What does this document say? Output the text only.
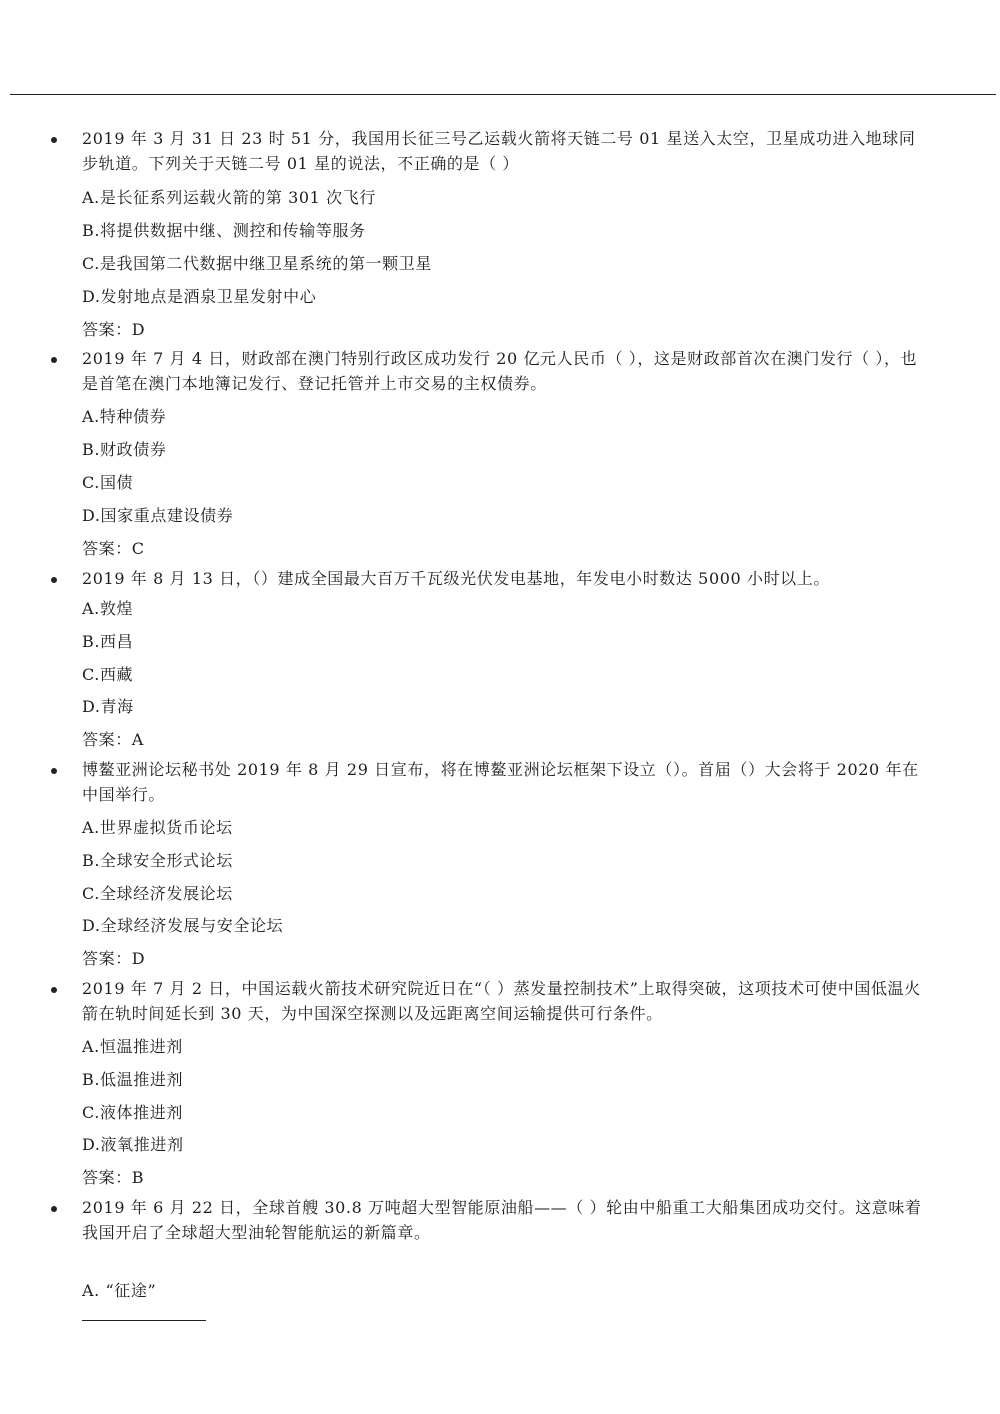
2019 年 3 月 31 日 23 时 51 分，我国用长征三号乙运载火箭将天链二号 01 星送入太空，卫星成功进入地球同步轨道。下列关于天链二号 01 星的说法，不正确的是（ ）
A.是长征系列运载火箭的第 301 次飞行
B.将提供数据中继、测控和传输等服务
C.是我国第二代数据中继卫星系统的第一颗卫星
D.发射地点是酒泉卫星发射中心
答案：D
2019 年 7 月 4 日，财政部在澳门特别行政区成功发行 20 亿元人民币（ ），这是财政部首次在澳门发行（ ），也是首笔在澳门本地簿记发行、登记托管并上市交易的主权债券。
A.特种债券
B.财政债券
C.国债
D.国家重点建设债券
答案：C
2019 年 8 月 13 日，（）建成全国最大百万千瓦级光伏发电基地，年发电小时数达 5000 小时以上。
A.敦煌
B.西昌
C.西藏
D.青海
答案：A
博鳌亚洲论坛秘书处 2019 年 8 月 29 日宣布，将在博鳌亚洲论坛框架下设立（）。首届（）大会将于 2020 年在中国举行。
A.世界虚拟货币论坛
B.全球安全形式论坛
C.全球经济发展论坛
D.全球经济发展与安全论坛
答案：D
2019 年 7 月 2 日，中国运载火箭技术研究院近日在“（ ）蒸发量控制技术”上取得突破，这项技术可使中国低温火箭在轨时间延长到 30 天，为中国深空探测以及远距离空间运输提供可行条件。
A.恒温推进剂
B.低温推进剂
C.液体推进剂
D.液氧推进剂
答案：B
2019 年 6 月 22 日，全球首艘 30.8 万吨超大型智能原油船——（ ）轮由中船重工大船集团成功交付。这意味着我国开启了全球超大型油轮智能航运的新篇章。
A. “征途”
